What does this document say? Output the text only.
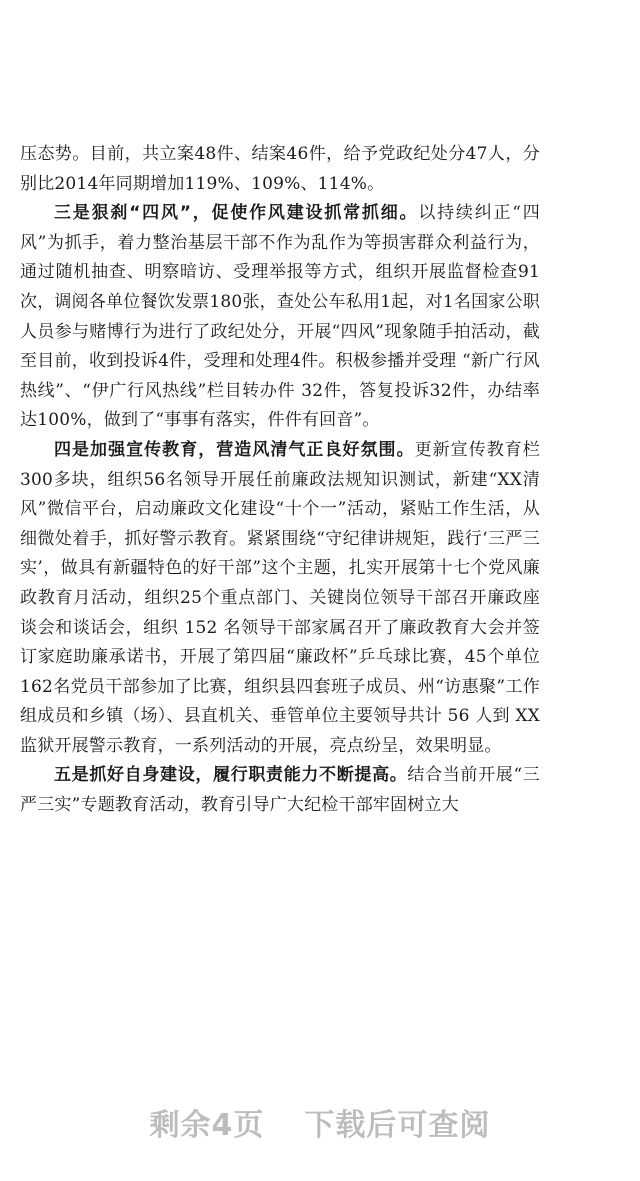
压态势。目前，共立案48件、结案46件，给予党政纪处分47人，分别比2014年同期增加119%、109%、114%。

三是狠刹“四风”，促使作风建设抓常抓细。以持续纠正“四风”为抓手，着力整治基层干部不作为乱作为等损害群众利益行为，通过随机抽查、明察暗访、受理举报等方式，组织开展监督检查91次，调阅各单位餐饮发票180张，查处公车私用1起，对1名国家公职人员参与赌博行为进行了政纪处分，开展“四风”现象随手拍活动，截至目前，收到投诉4件，受理和处理4件。积极参播并受理 “新广行风热线”、“伊广行风热线”栏目转办件 32件，答复投诉32件，办结率达100%，做到了“事事有落实，件件有回音”。

四是加强宣传教育，营造风清气正良好氛围。更新宣传教育栏300多块，组织56名领导开展任前廉政法规知识测试，新建“XX清风”微信平台，启动廉政文化建设“十个一”活动，紧贴工作生活，从细微处着手，抓好警示教育。紧紧围绕“守纪律讲规矩，践行‘三严三实’，做具有新疆特色的好干部”这个主题，扎实开展第十七个党风廉政教育月活动，组织25个重点部门、关键岗位领导干部召开廉政座谈会和谈话会，组织 152 名领导干部家属召开了廉政教育大会并签订家庭助廉承诺书，开展了第四届“廉政杯”乒乓球比赛，45个单位162名党员干部参加了比赛，组织县四套班子成员、州“访惠聚”工作组成员和乡镇（场）、县直机关、垂管单位主要领导共计 56 人到 XX 监狱开展警示教育，一系列活动的开展，亮点纷呈，效果明显。

五是抓好自身建设，履行职责能力不断提高。结合当前开展“三严三实”专题教育活动，教育引导广大纪检干部牢固树立大

剩余4页 下载后可查阅
